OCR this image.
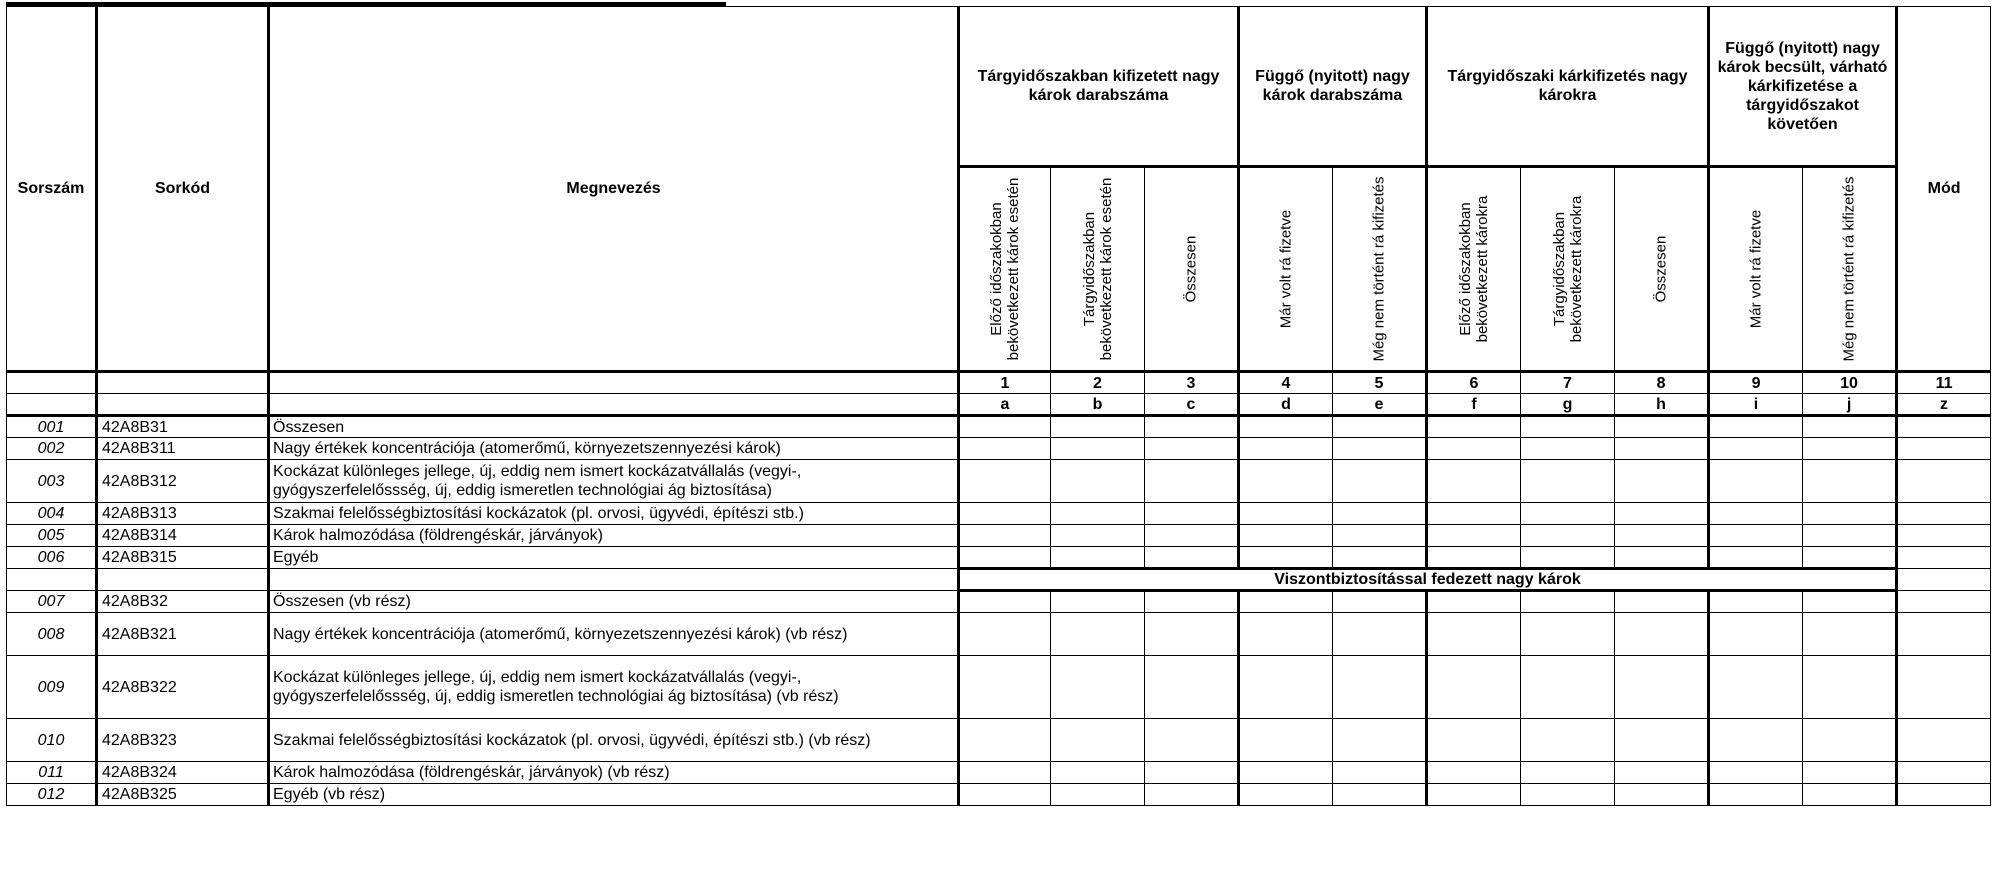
Sorszám	Sorkód	Megnevezés	Tárgyidőszakban kifizetett nagy károk darabszáma			Függő (nyitott) nagy károk darabszáma		Tárgyidőszaki kárkifizetés nagy károkra			Függő (nyitott) nagy károk becsült, várható kárkifizetése a tárgyidőszakot követően		Mód

			Előző időszakokban bekövetkezett károk esetén	Tárgyidőszakban bekövetkezett károk esetén	Összesen	Már volt rá fizetve	Még nem történt rá kifizetés	Előző időszakokban bekövetkezett károkra	Tárgyidőszakban bekövetkezett károkra	Összesen	Már volt rá fizetve	Még nem történt rá kifizetés	

			1	2	3	4	5	6	7	8	9	10	11
			a	b	c	d	e	f	g	h	i	j	z
001	42A8B31	Összesen											
002	42A8B311	Nagy értékek koncentrációja (atomerőmű, környezetszennyezési károk)											
003	42A8B312	Kockázat különleges jellege, új, eddig nem ismert kockázatvállalás (vegyi-, gyógyszerfelelőssség, új, eddig ismeretlen technológiai ág biztosítása)											
004	42A8B313	Szakmai felelősségbiztosítási kockázatok (pl. orvosi, ügyvédi, építészi stb.)											
005	42A8B314	Károk halmozódása (földrengéskár, járványok)											
006	42A8B315	Egyéb											
			Viszontbiztosítással fedezett nagy károk										
007	42A8B32	Összesen (vb rész)											
008	42A8B321	Nagy értékek koncentrációja (atomerőmű, környezetszennyezési károk) (vb rész)											
009	42A8B322	Kockázat különleges jellege, új, eddig nem ismert kockázatvállalás (vegyi-, gyógyszerfelelőssség, új, eddig ismeretlen technológiai ág biztosítása) (vb rész)											
010	42A8B323	Szakmai felelősségbiztosítási kockázatok (pl. orvosi, ügyvédi, építészi stb.) (vb rész)											
011	42A8B324	Károk halmozódása (földrengéskár, járványok) (vb rész)											
012	42A8B325	Egyéb (vb rész)											
